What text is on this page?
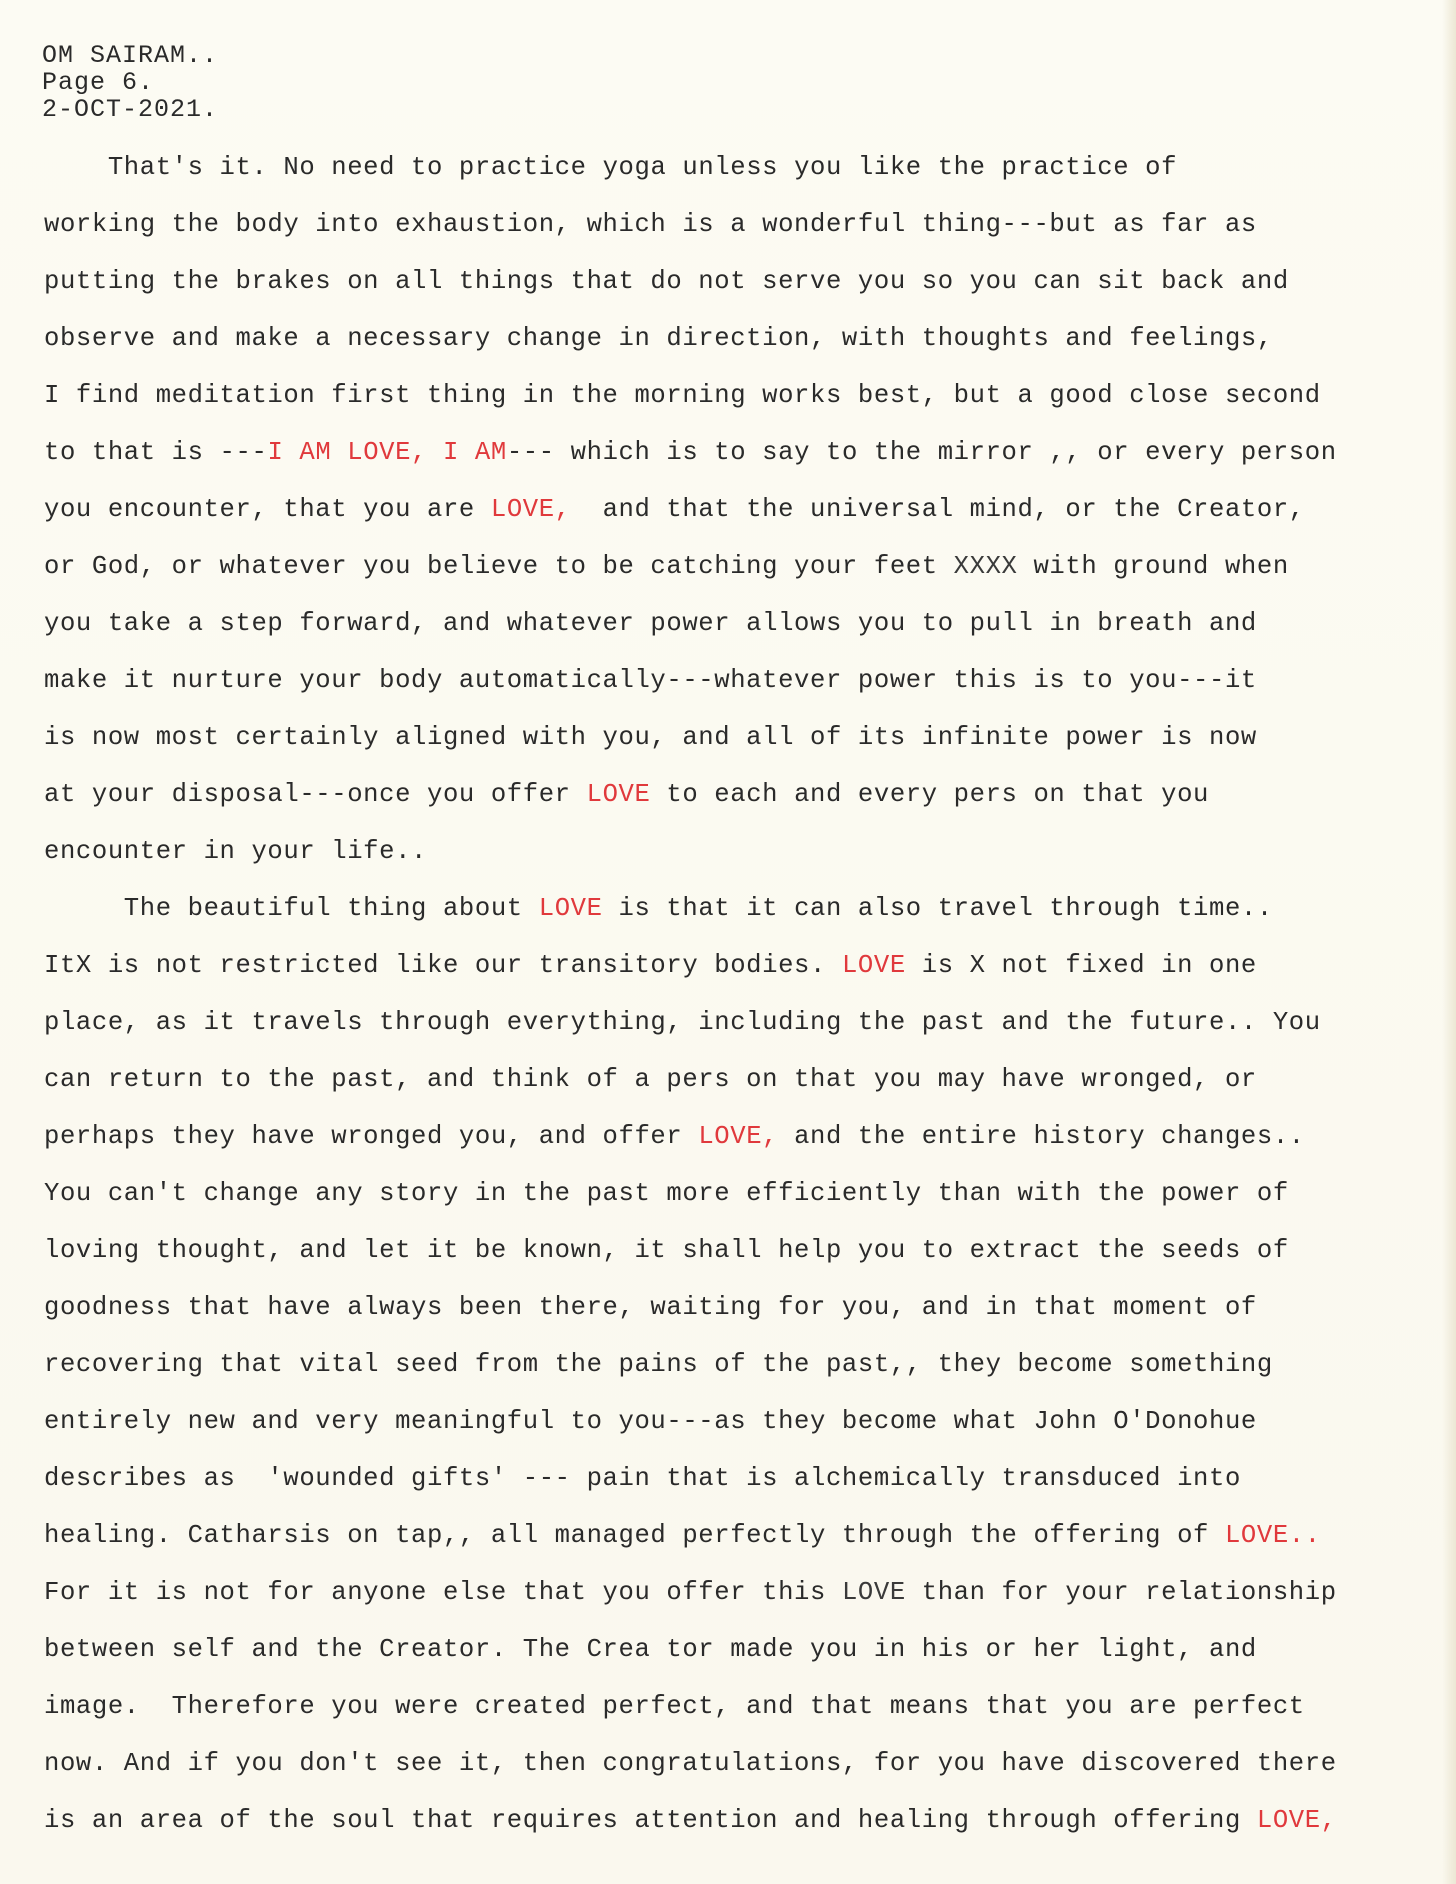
OM SAIRAM..
Page 6.
2-OCT-2021.
That's it. No need to practice yoga unless you like the practice of
working the body into exhaustion, which is a wonderful thing---but as far as
putting the brakes on all things that do not serve you so you can sit back and
observe and make a necessary change in direction, with thoughts and feelings,
I find meditation first thing in the morning works best, but a good close second
to that is ---I AM LOVE, I AM--- which is to say to the mirror ,, or every person
you encounter, that you are LOVE,  and that the universal mind, or the Creator,
or God, or whatever you believe to be catching your feet XXXX with ground when
you take a step forward, and whatever power allows you to pull in breath and
make it nurture your body automatically---whatever power this is to you---it
is now most certainly aligned with you, and all of its infinite power is now
at your disposal---once you offer LOVE to each and every pers on that you
encounter in your life..
The beautiful thing about LOVE is that it can also travel through time..
ItX is not restricted like our transitory bodies. LOVE is X not fixed in one
place, as it travels through everything, including the past and the future.. You
can return to the past, and think of a pers on that you may have wronged, or
perhaps they have wronged you, and offer LOVE, and the entire history changes..
You can't change any story in the past more efficiently than with the power of
loving thought, and let it be known, it shall help you to extract the seeds of
goodness that have always been there, waiting for you, and in that moment of
recovering that vital seed from the pains of the past,, they become something
entirely new and very meaningful to you---as they become what John O'Donohue
describes as  'wounded gifts' --- pain that is alchemically transduced into
healing. Catharsis on tap,, all managed perfectly through the offering of LOVE..
For it is not for anyone else that you offer this LOVE than for your relationship
between self and the Creator. The Crea tor made you in his or her light, and
image.  Therefore you were created perfect, and that means that you are perfect
now. And if you don't see it, then congratulations, for you have discovered there
is an area of the soul that requires attention and healing through offering LOVE,
